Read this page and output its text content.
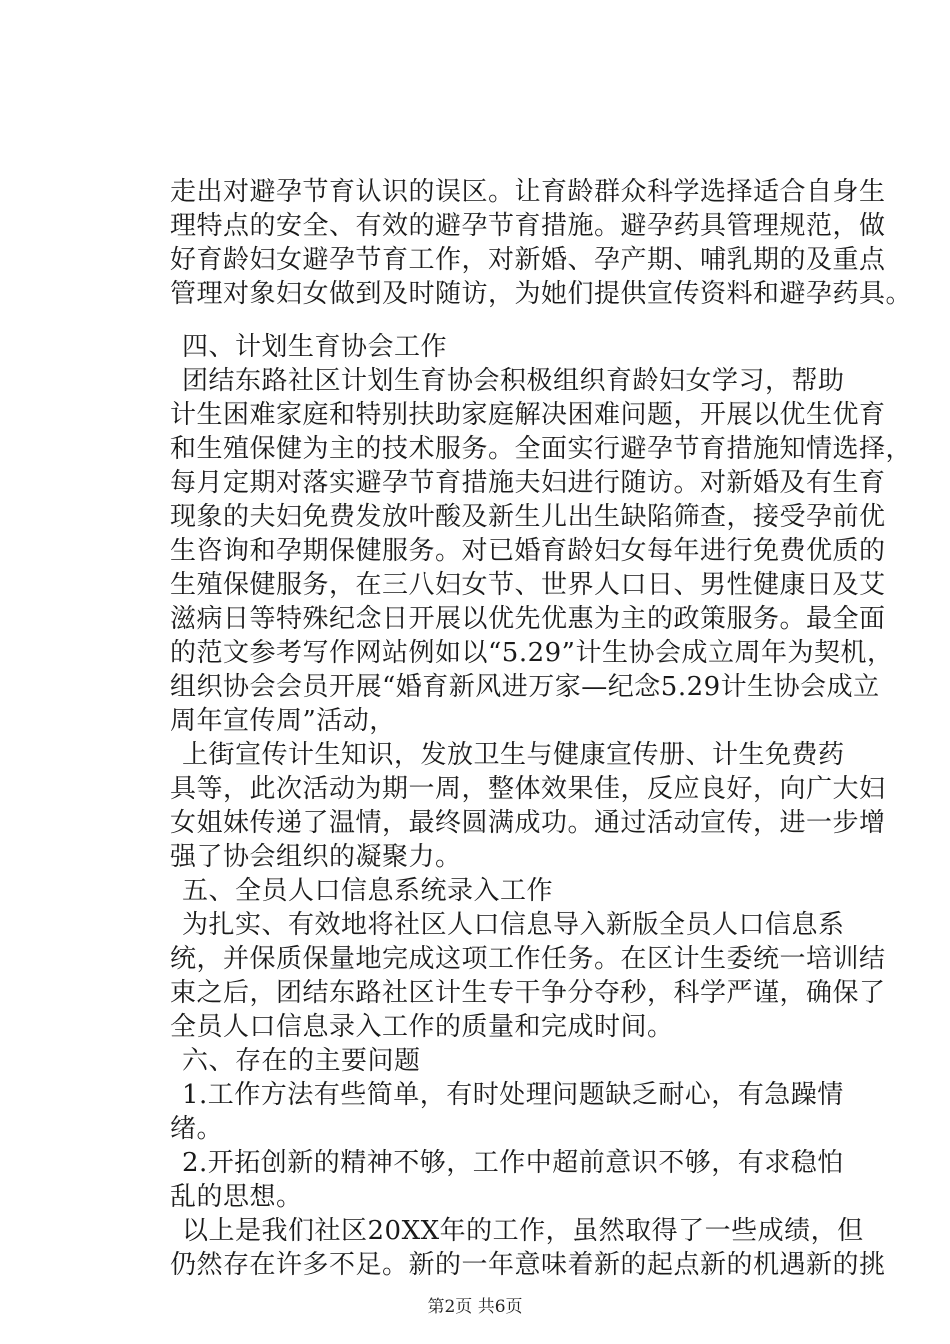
走出对避孕节育认识的误区。让育龄群众科学选择适合自身生
理特点的安全、有效的避孕节育措施。避孕药具管理规范，做
好育龄妇女避孕节育工作，对新婚、孕产期、哺乳期的及重点
管理对象妇女做到及时随访，为她们提供宣传资料和避孕药具。
四、计划生育协会工作
团结东路社区计划生育协会积极组织育龄妇女学习，帮助
计生困难家庭和特别扶助家庭解决困难问题，开展以优生优育
和生殖保健为主的技术服务。全面实行避孕节育措施知情选择，
每月定期对落实避孕节育措施夫妇进行随访。对新婚及有生育
现象的夫妇免费发放叶酸及新生儿出生缺陷筛查，接受孕前优
生咨询和孕期保健服务。对已婚育龄妇女每年进行免费优质的
生殖保健服务，在三八妇女节、世界人口日、男性健康日及艾
滋病日等特殊纪念日开展以优先优惠为主的政策服务。最全面
的范文参考写作网站例如以“5.29”计生协会成立周年为契机，
组织协会会员开展“婚育新风进万家—纪念5.29计生协会成立
周年宣传周”活动，
上街宣传计生知识，发放卫生与健康宣传册、计生免费药
具等，此次活动为期一周，整体效果佳，反应良好，向广大妇
女姐妹传递了温情，最终圆满成功。通过活动宣传，进一步增
强了协会组织的凝聚力。
五、全员人口信息系统录入工作
为扎实、有效地将社区人口信息导入新版全员人口信息系
统，并保质保量地完成这项工作任务。在区计生委统一培训结
束之后，团结东路社区计生专干争分夺秒，科学严谨，确保了
全员人口信息录入工作的质量和完成时间。
六、存在的主要问题
1.工作方法有些简单，有时处理问题缺乏耐心，有急躁情
绪。
2.开拓创新的精神不够，工作中超前意识不够，有求稳怕
乱的思想。
以上是我们社区20XX年的工作，虽然取得了一些成绩，但
仍然存在许多不足。新的一年意味着新的起点新的机遇新的挑
第2页 共6页
